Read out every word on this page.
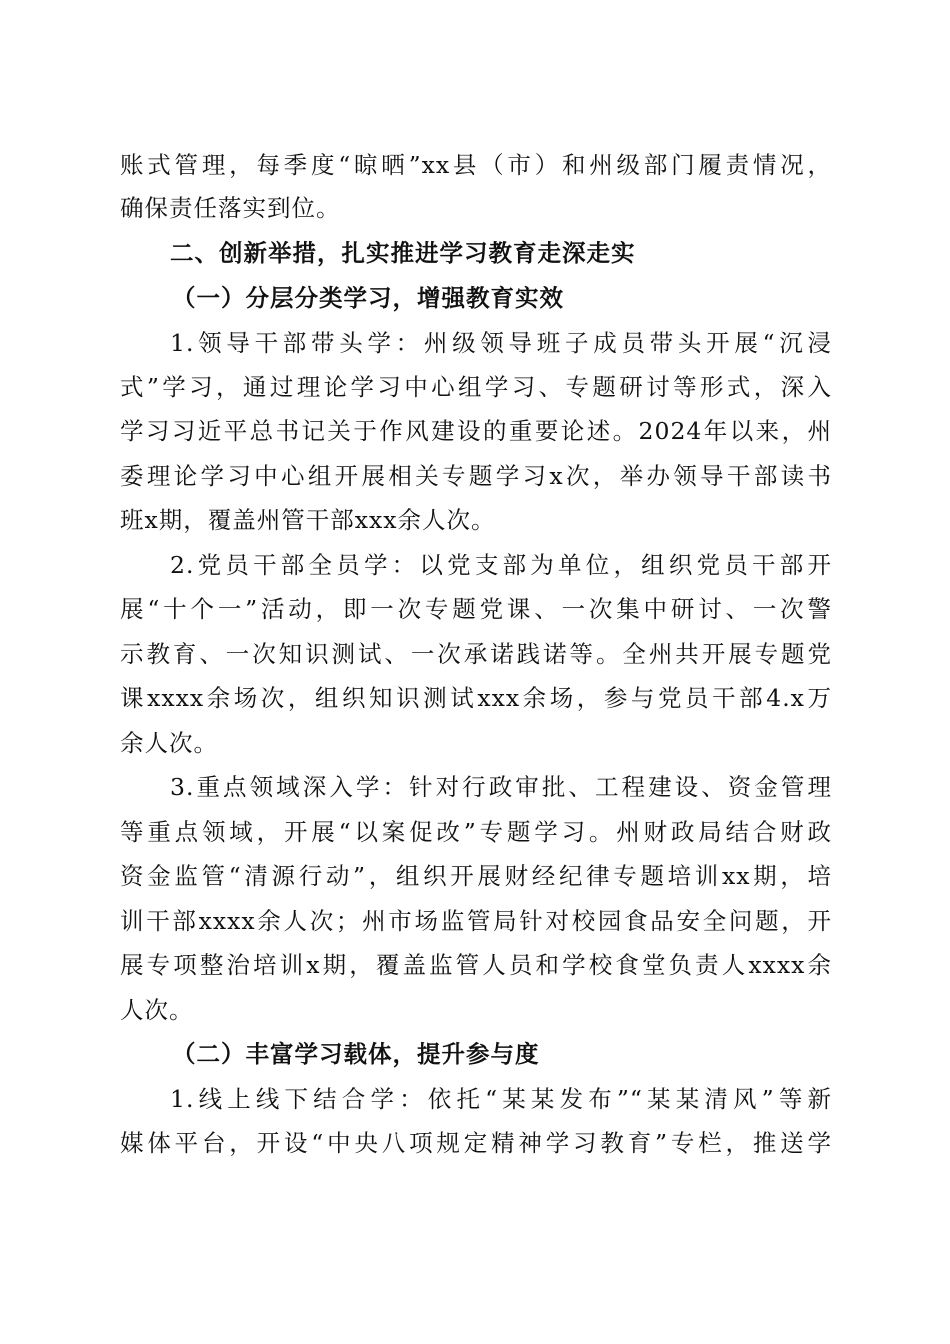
账式管理，每季度“晾晒”xx县（市）和州级部门履责情况，
确保责任落实到位。
二、创新举措，扎实推进学习教育走深走实
（一）分层分类学习，增强教育实效
1.领导干部带头学：州级领导班子成员带头开展“沉浸
式”学习，通过理论学习中心组学习、专题研讨等形式，深入
学习习近平总书记关于作风建设的重要论述。2024年以来，州
委理论学习中心组开展相关专题学习x次，举办领导干部读书
班x期，覆盖州管干部xxx余人次。
2.党员干部全员学：以党支部为单位，组织党员干部开
展“十个一”活动，即一次专题党课、一次集中研讨、一次警
示教育、一次知识测试、一次承诺践诺等。全州共开展专题党
课xxxx余场次，组织知识测试xxx余场，参与党员干部4.x万
余人次。
3.重点领域深入学：针对行政审批、工程建设、资金管理
等重点领域，开展“以案促改”专题学习。州财政局结合财政
资金监管“清源行动”，组织开展财经纪律专题培训xx期，培
训干部xxxx余人次；州市场监管局针对校园食品安全问题，开
展专项整治培训x期，覆盖监管人员和学校食堂负责人xxxx余
人次。
（二）丰富学习载体，提升参与度
1.线上线下结合学：依托“某某发布”“某某清风”等新
媒体平台，开设“中央八项规定精神学习教育”专栏，推送学
